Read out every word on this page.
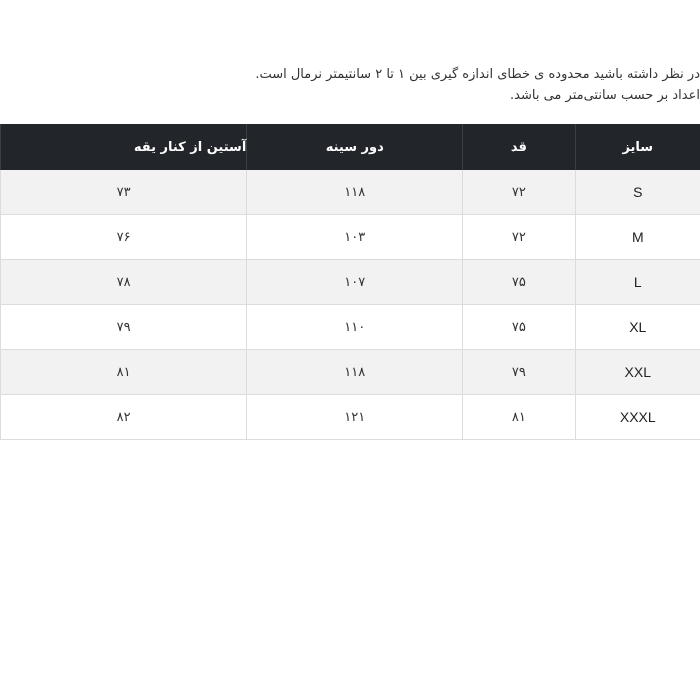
در نظر داشته باشید محدوده ی خطای اندازه گیری بین ۱ تا ۲ سانتیمتر نرمال است.
اعداد بر حسب سانتی‌متر می باشد.
سایز	قد	دور سینه	آستین از کنار یقه
S	۷۲	۱۱۸	۷۳
M	۷۲	۱۰۳	۷۶
L	۷۵	۱۰۷	۷۸
XL	۷۵	۱۱۰	۷۹
XXL	۷۹	۱۱۸	۸۱
XXXL	۸۱	۱۲۱	۸۲
